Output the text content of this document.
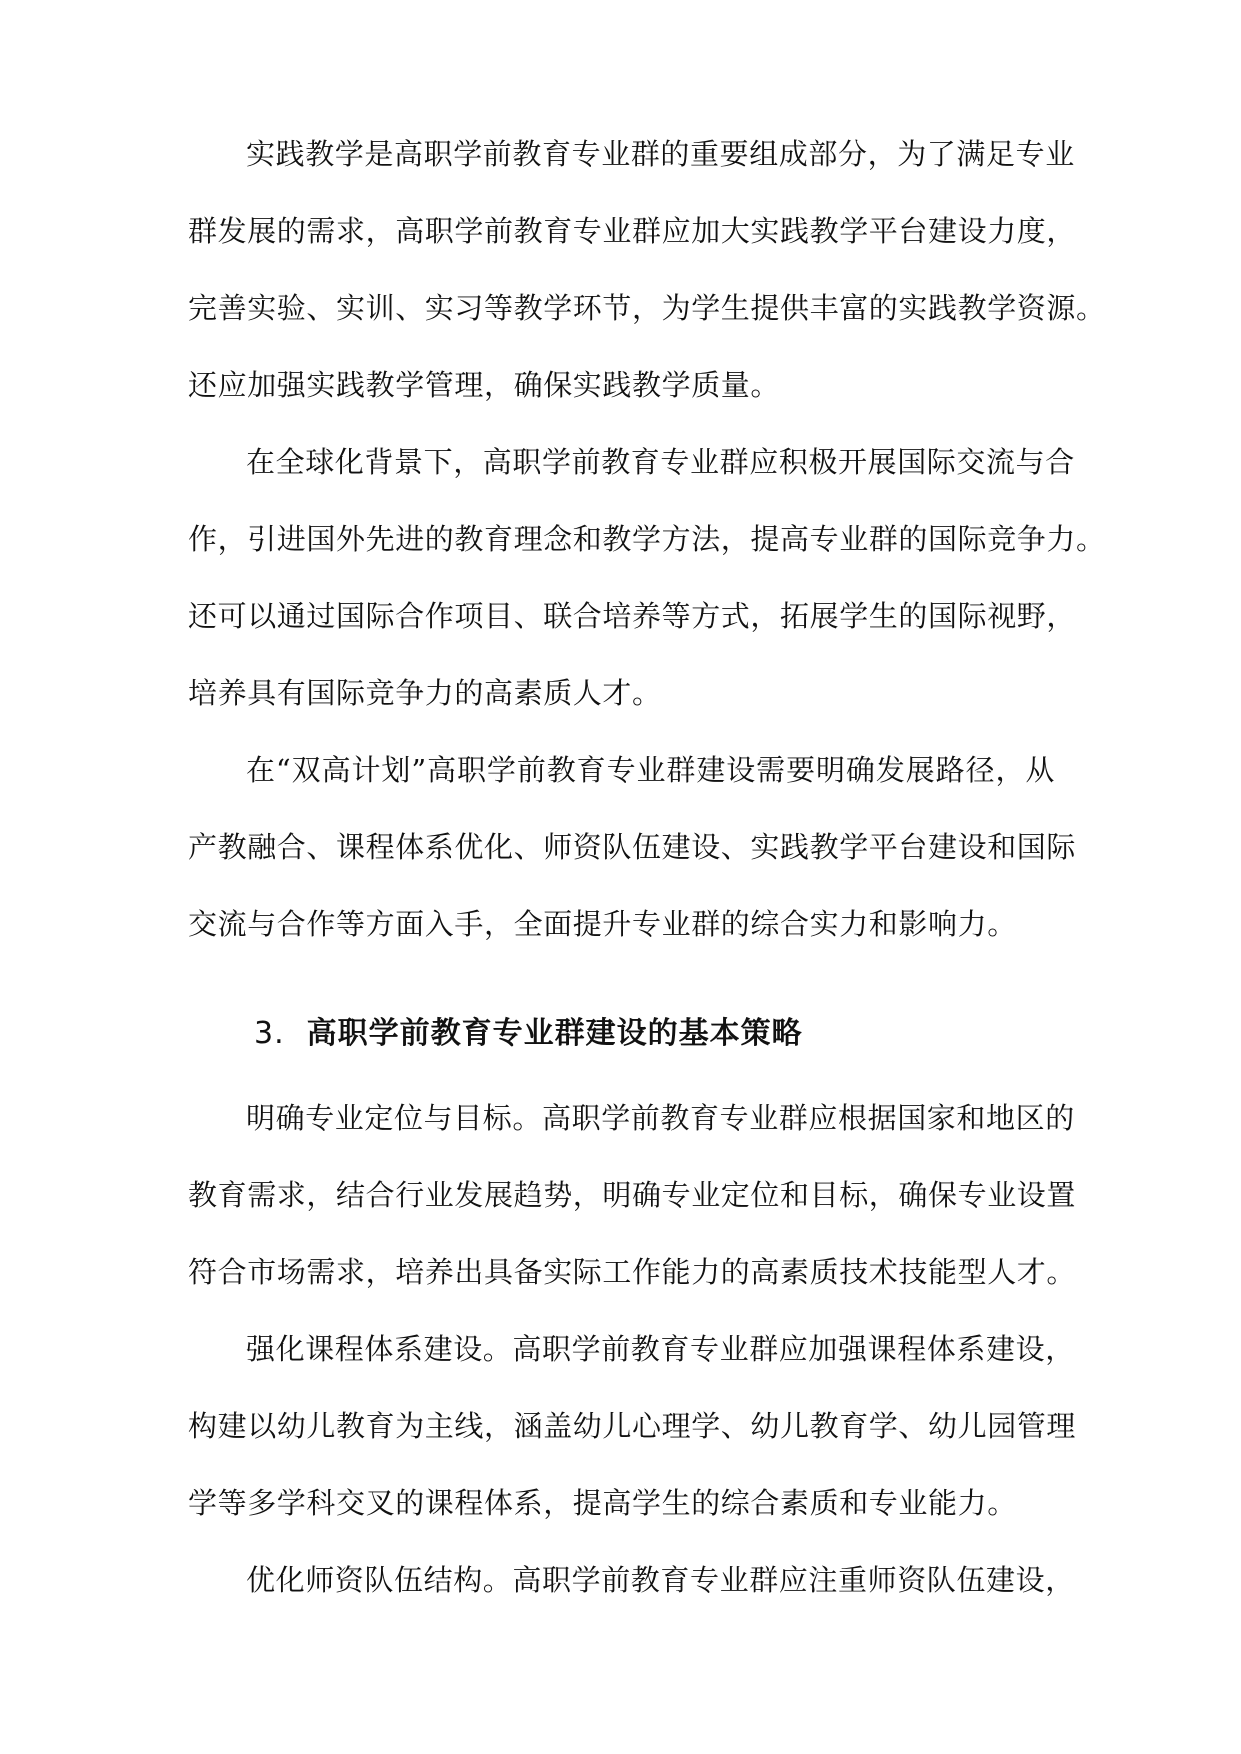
实践教学是高职学前教育专业群的重要组成部分，为了满足专业
群发展的需求，高职学前教育专业群应加大实践教学平台建设力度，
完善实验、实训、实习等教学环节，为学生提供丰富的实践教学资源。
还应加强实践教学管理，确保实践教学质量。
在全球化背景下，高职学前教育专业群应积极开展国际交流与合
作，引进国外先进的教育理念和教学方法，提高专业群的国际竞争力。
还可以通过国际合作项目、联合培养等方式，拓展学生的国际视野，
培养具有国际竞争力的高素质人才。
在“双高计划”高职学前教育专业群建设需要明确发展路径，从
产教融合、课程体系优化、师资队伍建设、实践教学平台建设和国际
交流与合作等方面入手，全面提升专业群的综合实力和影响力。
3. 高职学前教育专业群建设的基本策略
明确专业定位与目标。高职学前教育专业群应根据国家和地区的
教育需求，结合行业发展趋势，明确专业定位和目标，确保专业设置
符合市场需求，培养出具备实际工作能力的高素质技术技能型人才。
强化课程体系建设。高职学前教育专业群应加强课程体系建设，
构建以幼儿教育为主线，涵盖幼儿心理学、幼儿教育学、幼儿园管理
学等多学科交叉的课程体系，提高学生的综合素质和专业能力。
优化师资队伍结构。高职学前教育专业群应注重师资队伍建设，
